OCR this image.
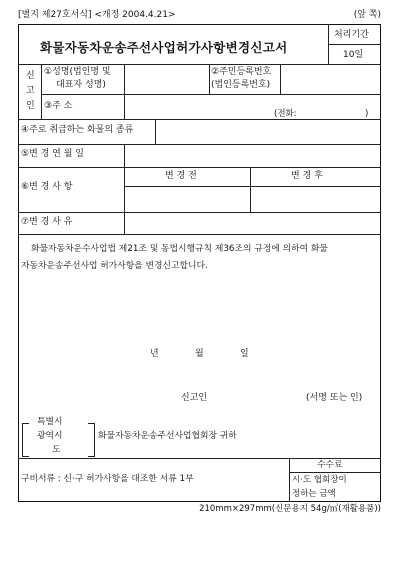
[별지 제27호서식] <개정 2004.4.21>	(앞 쪽)
화물자동차운송주선사업허가사항변경신고서
처리기간
10일
신
고
인
①성명(법인명 및
대표자 성명)
②주민등록번호
(법인등록번호)
③주 소
(전화:	)
④주로 취급하는 화물의 종류
⑤변 경 연 월 일
⑥변 경 사 항
변 경 전	변 경 후
⑦변 경 사 유
화물자동차운수사업법 제21조 및 동법시행규칙 제36조의 규정에 의하여 화물
자동차운송주선사업 허가사항을 변경신고합니다.
년	월	일
신고인	(서명 또는 인)
특별시
광역시
도
화물자동차운송주선사업협회장 귀하
구비서류 : 신·구 허가사항을 대조한 서류 1부
수수료
시·도 협회장이
정하는 금액
210mm×297mm(신문용지 54g/㎡(재활용품))
